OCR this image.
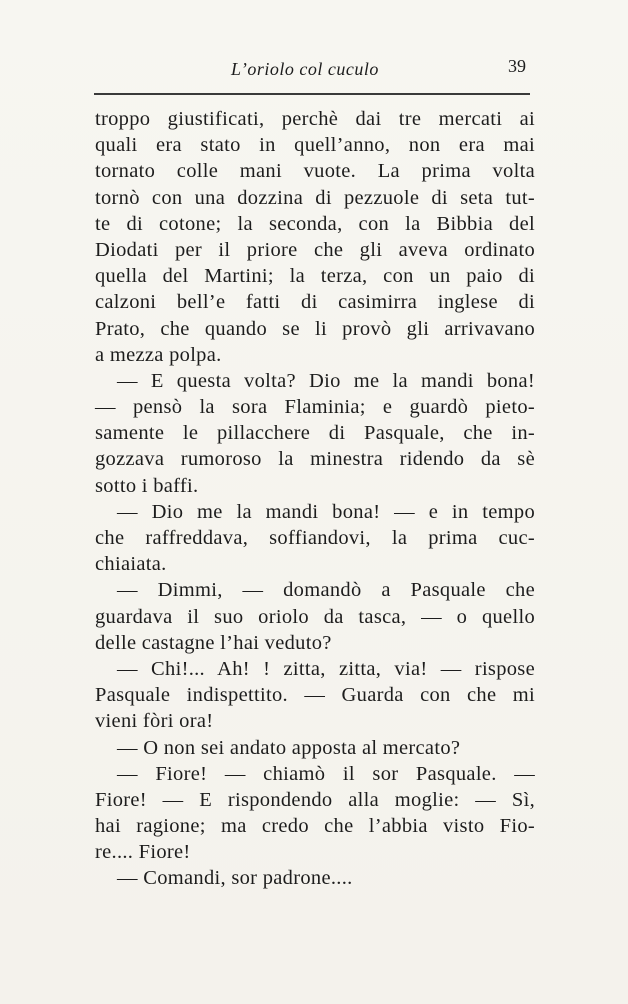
L’oriolo col cuculo	39
troppo giustificati, perchè dai tre mercati ai
quali era stato in quell’anno, non era mai
tornato colle mani vuote. La prima volta
tornò con una dozzina di pezzuole di seta tut-
te di cotone; la seconda, con la Bibbia del
Diodati per il priore che gli aveva ordinato
quella del Martini; la terza, con un paio di
calzoni bell’e fatti di casimirra inglese di
Prato, che quando se li provò gli arrivavano
a mezza polpa.
— E questa volta? Dio me la mandi bona!
— pensò la sora Flaminia; e guardò pieto-
samente le pillacchere di Pasquale, che in-
gozzava rumoroso la minestra ridendo da sè
sotto i baffi.
— Dio me la mandi bona! — e in tempo
che raffreddava, soffiandovi, la prima cuc-
chiaiata.
— Dimmi, — domandò a Pasquale che
guardava il suo oriolo da tasca, — o quello
delle castagne l’hai veduto?
— Chi!... Ah! ! zitta, zitta, via! — rispose
Pasquale indispettito. — Guarda con che mi
vieni fòri ora!
— O non sei andato apposta al mercato?
— Fiore! — chiamò il sor Pasquale. —
Fiore! — E rispondendo alla moglie: — Sì,
hai ragione; ma credo che l’abbia visto Fio-
re.... Fiore!
— Comandi, sor padrone....
